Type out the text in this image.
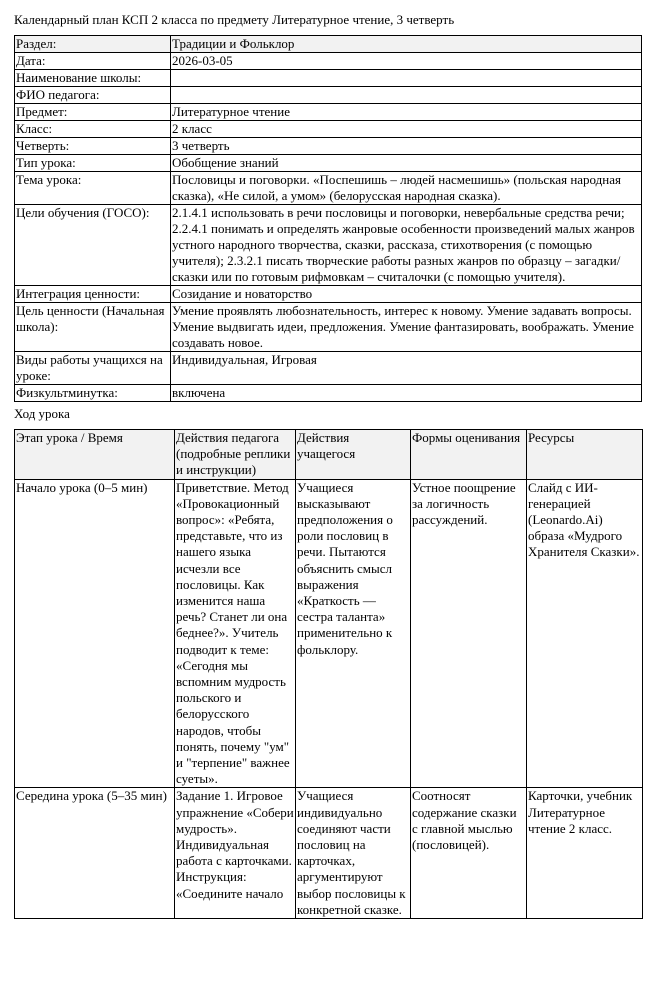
Календарный план КСП 2 класса по предмету Литературное чтение, 3 четверть
Раздел:	Традиции и Фольклор
Дата:	2026-03-05
Наименование школы:	
ФИО педагога:	
Предмет:	Литературное чтение
Класс:	2 класс
Четверть:	3 четверть
Тип урока:	Обобщение знаний
Тема урока:	Пословицы и поговорки. «Поспешишь – людей насмешишь» (польская народная сказка), «Не силой, а умом» (белорусская народная сказка).
Цели обучения (ГОСО):	2.1.4.1 использовать в речи пословицы и поговорки, невербальные средства речи; 2.2.4.1 понимать и определять жанровые особенности произведений малых жанров устного народного творчества, сказки, рассказа, стихотворения (с помощью учителя); 2.3.2.1 писать творческие работы разных жанров по образцу – загадки/ сказки или по готовым рифмовкам – считалочки (с помощью учителя).
Интеграция ценности:	Созидание и новаторство
Цель ценности (Начальная школа):	Умение проявлять любознательность, интерес к новому. Умение задавать вопросы. Умение выдвигать идеи, предложения. Умение фантазировать, воображать. Умение создавать новое.
Виды работы учащихся на уроке:	Индивидуальная, Игровая
Физкультминутка:	включена
Ход урока
Этап урока / Время	Действия педагога (подробные реплики и инструкции)	Действия учащегося	Формы оценивания	Ресурсы
Начало урока (0–5 мин)	Приветствие. Метод «Провокационный вопрос»: «Ребята, представьте, что из нашего языка исчезли все пословицы. Как изменится наша речь? Станет ли она беднее?». Учитель подводит к теме: «Сегодня мы вспомним мудрость польского и белорусского народов, чтобы понять, почему "ум" и "терпение" важнее суеты».	Учащиеся высказывают предположения о роли пословиц в речи. Пытаются объяснить смысл выражения «Краткость — сестра таланта» применительно к фольклору.	Устное поощрение за логичность рассуждений.	Слайд с ИИ-генерацией (Leonardo.Ai) образа «Мудрого Хранителя Сказки».
Середина урока (5–35 мин)	Задание 1. Игровое упражнение «Собери мудрость». Индивидуальная работа с карточками. Инструкция: «Соедините начало	Учащиеся индивидуально соединяют части пословиц на карточках, аргументируют выбор пословицы к конкретной сказке.	Соотносят содержание сказки с главной мыслью (пословицей).	Карточки, учебник Литературное чтение 2 класс.
